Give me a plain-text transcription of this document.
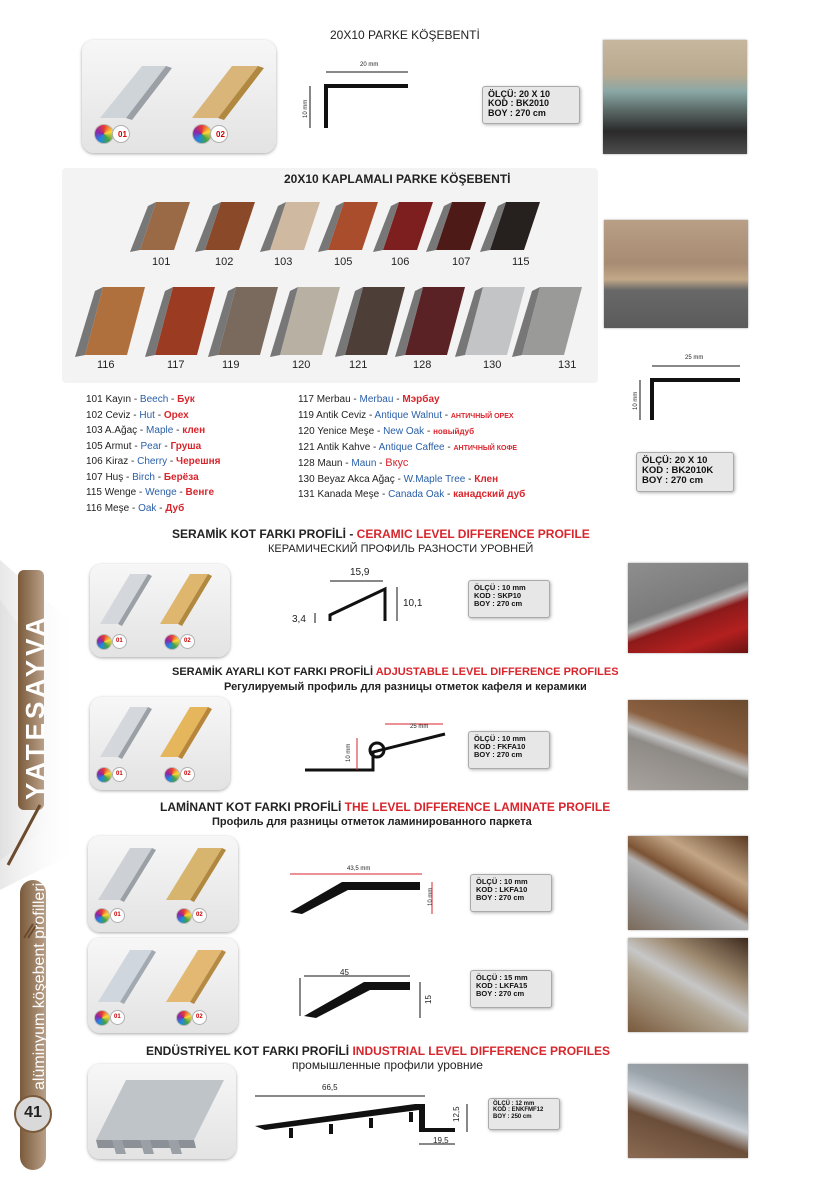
41
alüminyum köşebent profilleri
YATESAYVA
20X10 PARKE KÖŞEBENTİ
01	02
20 mm
10 mm
ÖLÇÜ: 20 X 10
KOD : BK2010
BOY : 270 cm
20X10 KAPLAMALI PARKE KÖŞEBENTİ
101	102	103	105	106	107	115
116	117	119	120	121	128	130	131
101 Kayın - Beech - Бук
102 Ceviz - Hut - Орех
103 A.Ağaç - Maple - клен
105 Armut - Pear - Груша
106 Kiraz - Cherry - Черешня
107 Huş - Birch - Берёза
115 Wenge - Wenge - Венге
116 Meşe - Oak - Дуб
117 Merbau - Merbau - Мэрбау
119 Antik Ceviz - Antique Walnut - АНТИЧНЫЙ ОРЕХ
120 Yenice Meşe - New Oak - новыйдуб
121 Antik Kahve - Antique Caffee - АНТИЧНЫЙ КОФЕ
128 Maun - Maun - Вкус
130 Beyaz Akca Ağaç - W.Maple Tree - Клен
131 Kanada Meşe - Canada Oak - канадский дуб
25 mm
10 mm
ÖLÇÜ: 20 X 10
KOD : BK2010K
BOY : 270 cm
SERAMİK KOT FARKI PROFİLİ - CERAMIC LEVEL DIFFERENCE PROFILE
КЕРАМИЧЕСКИЙ ПРОФИЛЬ РАЗНОСТИ УРОВНЕЙ
01	02
15,9
10,1
3,4
ÖLÇÜ : 10 mm
KOD : SKP10
BOY : 270 cm
SERAMİK AYARLI KOT FARKI PROFİLİ ADJUSTABLE LEVEL DIFFERENCE PROFILES
Регулируемый профиль для разницы отметок кафеля и керамики
01	02
25 mm
10 mm
ÖLÇÜ : 10 mm
KOD : FKFA10
BOY : 270 cm
LAMİNANT KOT FARKI PROFİLİ THE LEVEL DIFFERENCE LAMINATE PROFILE
Профиль для разницы отметок ламинированного паркета
01	02
43,5 mm
10 mm
ÖLÇÜ : 10 mm
KOD : LKFA10
BOY : 270 cm
01	02
45
15
ÖLÇÜ : 15 mm
KOD : LKFA15
BOY : 270 cm
ENDÜSTRİYEL KOT FARKI PROFİLİ INDUSTRIAL LEVEL DIFFERENCE PROFILES
промышленные профили уровние
66,5
12,5
19,5
ÖLÇÜ : 12 mm
KOD : ENKFMF12
BOY : 250 cm
